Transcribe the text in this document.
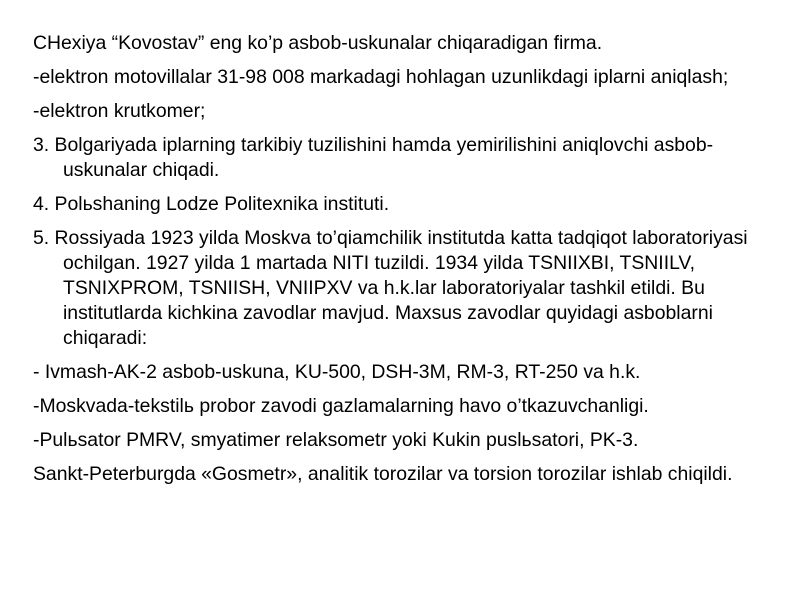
CHexiya “Kovostav” eng ko’p asbob-uskunalar chiqaradigan firma.

-elektron motovillalar 31-98 008 markadagi hohlagan uzunlikdagi iplarni aniqlash;

-elektron krutkomer;

3. Bolgariyada iplarning tarkibiy tuzilishini hamda yemirilishini aniqlovchi asbob-uskunalar chiqadi.

4. Polьshaning Lodze Politexnika instituti.

5. Rossiyada 1923 yilda Moskva to’qiamchilik institutda katta tadqiqot laboratoriyasi ochilgan. 1927 yilda 1 martada NITI tuzildi. 1934 yilda TSNIIXBI, TSNIILV, TSNIXPROM, TSNIISH, VNIIPXV va h.k.lar laboratoriyalar tashkil etildi. Bu institutlarda kichkina zavodlar mavjud. Maxsus zavodlar quyidagi asboblarni chiqaradi:

- Ivmash-AK-2 asbob-uskuna, KU-500, DSH-3M, RM-3, RT-250 va h.k.

-Moskvada-tekstilь probor zavodi gazlamalarning havo o’tkazuvchanligi.

-Pulьsator PMRV, smyatimer relaksometr yoki Kukin puslьsatori, PK-3.

Sankt-Peterburgda «Gosmetr», analitik torozilar va torsion torozilar ishlab chiqildi.
